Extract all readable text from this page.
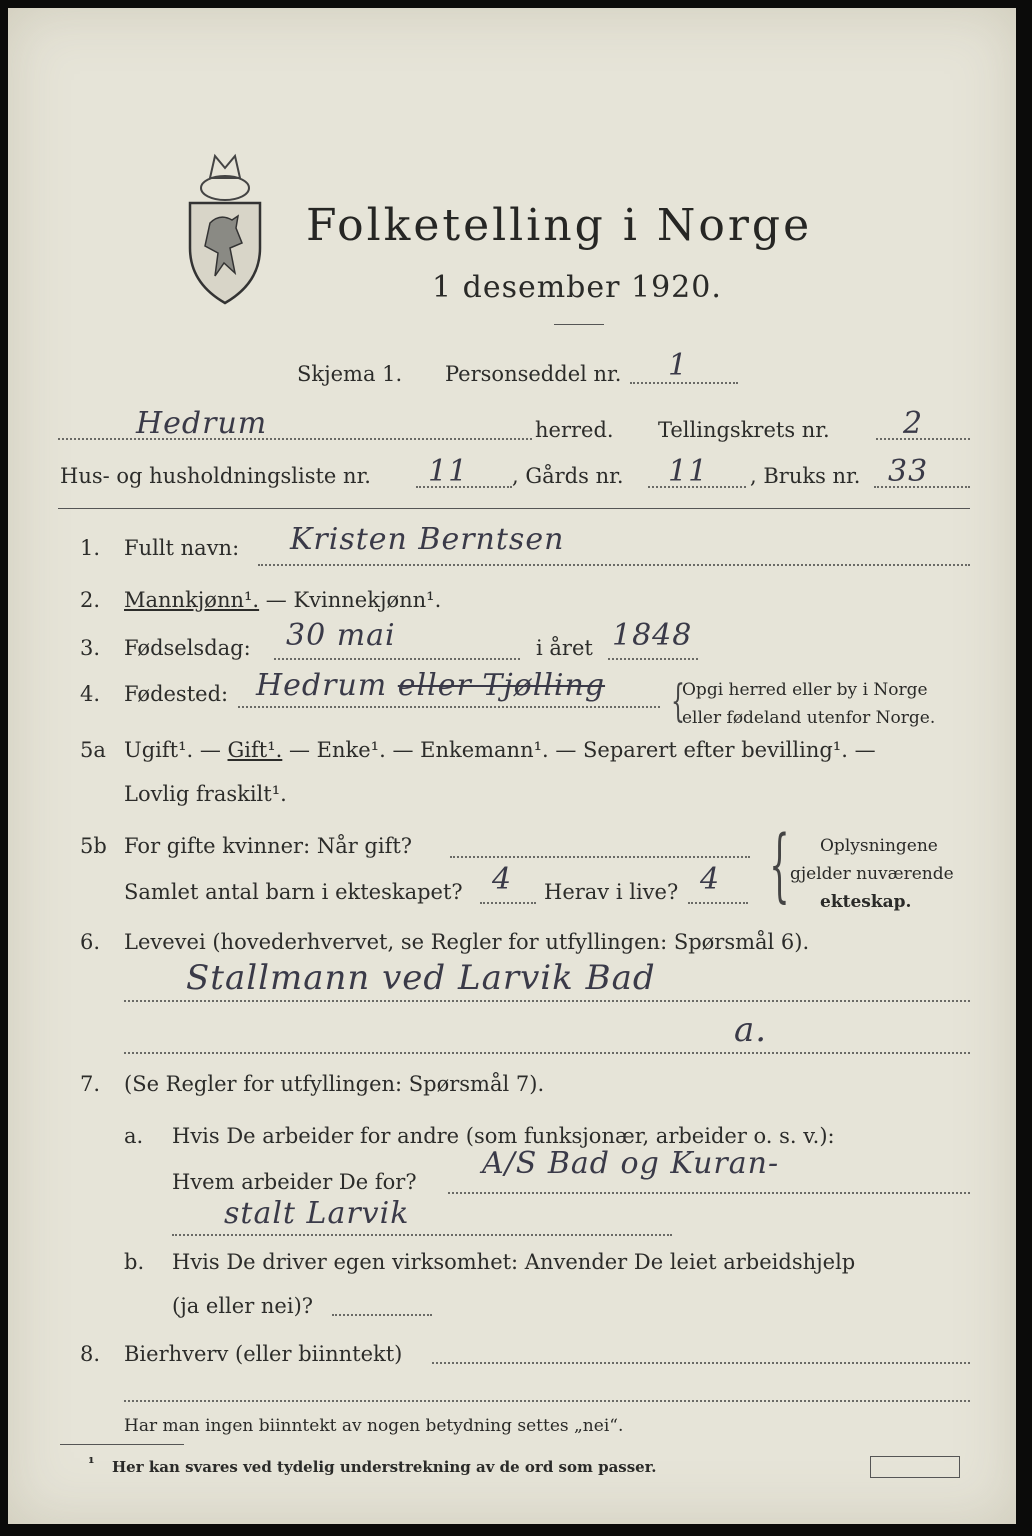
Folketelling i Norge
1 desember 1920.
Skjema 1. Personseddel nr. 1
Hedrum	herred. Tellingskrets nr. 2
Hus- og husholdningsliste nr. 11 , Gårds nr. 11 , Bruks nr. 33
1. Fullt navn: Kristen Berntsen
2. Mannkjønn¹. — Kvinnekjønn¹.
3. Fødselsdag: 30 mai	i året 1848
4. Fødested: Hedrum eller Tjølling {
Opgi herred eller by i Norge
eller fødeland utenfor Norge.
5a Ugift¹. — Gift¹. — Enke¹. — Enkemann¹. — Separert efter bevilling¹. —
Lovlig fraskilt¹.
5b For gifte kvinner: Når gift?
Samlet antal barn i ekteskapet? 4 Herav i live? 4 { Oplysningene
gjelder nuværende
ekteskap.
6. Levevei (hovederhvervet, se Regler for utfyllingen: Spørsmål 6).
Stallmann ved Larvik Bad
a.
7. (Se Regler for utfyllingen: Spørsmål 7).
a. Hvis De arbeider for andre (som funksjonær, arbeider o. s. v.):
Hvem arbeider De for?
A/S Bad og Kuran-
stalt Larvik
b. Hvis De driver egen virksomhet: Anvender De leiet arbeidshjelp
(ja eller nei)?
8. Bierhverv (eller biinntekt)
Har man ingen biinntekt av nogen betydning settes „nei“.
¹ Her kan svares ved tydelig understrekning av de ord som passer.
